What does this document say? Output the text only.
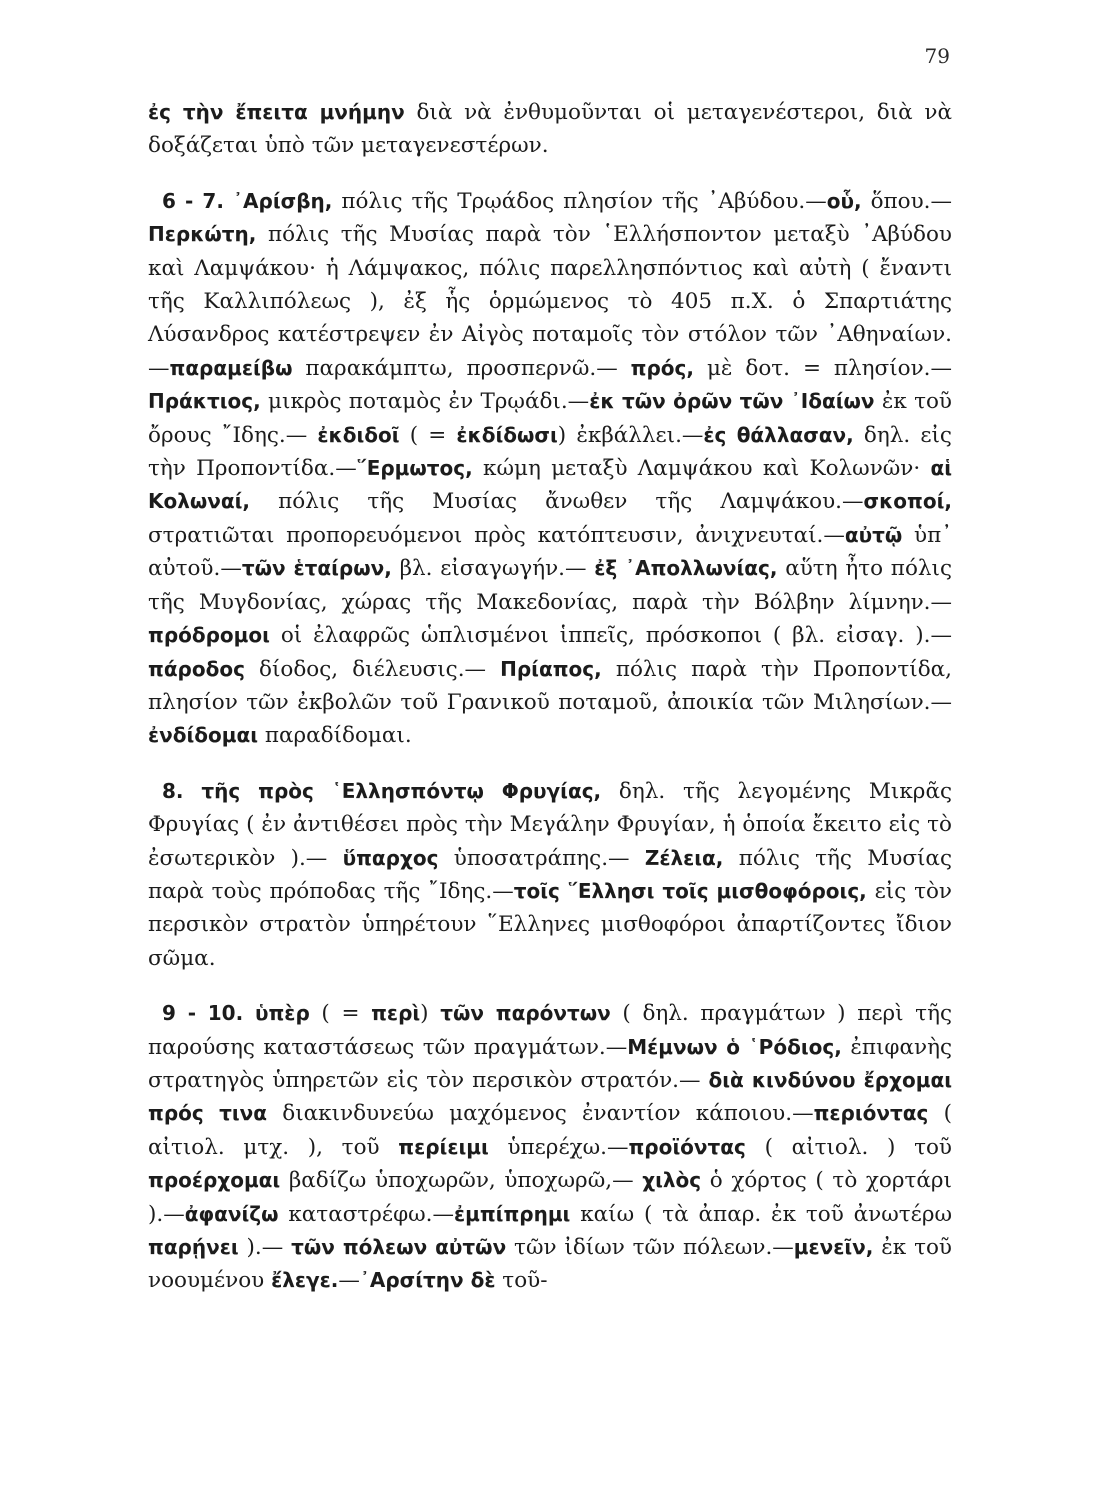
79

ἐς τὴν ἔπειτα μνήμην διὰ νὰ ἐνθυμοῦνται οἱ μεταγενέστεροι, διὰ νὰ δοξάζεται ὑπὸ τῶν μεταγενεστέρων.

6 - 7. ᾿Αρίσβη, πόλις τῆς Τρῳάδος πλησίον τῆς ᾿Αβύδου.—οὗ, ὅπου.—Περκώτη, πόλις τῆς Μυσίας παρὰ τὸν ῾Ελλήσποντον μεταξὺ ᾿Αβύδου καὶ Λαμψάκου· ἡ Λάμψακος, πόλις παρελλησπόντιος καὶ αὐτὴ ( ἔναντι τῆς Καλλιπόλεως ), ἐξ ἧς ὁρμώμενος τὸ 405 π.Χ. ὁ Σπαρτιάτης Λύσανδρος κατέστρεψεν ἐν Αἰγὸς ποταμοῖς τὸν στόλον τῶν ᾿Αθηναίων.—παραμείβω παρακάμπτω, προσπερνῶ.— πρός, μὲ δοτ. = πλησίον.—Πράκτιος, μικρὸς ποταμὸς ἐν Τρῳάδι.—ἐκ τῶν ὀρῶν τῶν ᾿Ιδαίων ἐκ τοῦ ὄρους ῎Ιδης.— ἐκδιδοῖ ( = ἐκδίδωσι) ἐκβάλλει.—ἐς θάλλασαν, δηλ. εἰς τὴν Προποντίδα.—῞Ερμωτος, κώμη μεταξὺ Λαμψάκου καὶ Κολωνῶν· αἱ Κολωναί, πόλις τῆς Μυσίας ἄνωθεν τῆς Λαμψάκου.—σκοποί, στρατιῶται προπορευόμενοι πρὸς κατόπτευσιν, ἀνιχνευταί.—αὐτῷ ὑπ᾿ αὐτοῦ.—τῶν ἑταίρων, βλ. εἰσαγωγήν.— ἐξ ᾿Απολλωνίας, αὕτη ἦτο πόλις τῆς Μυγδονίας, χώρας τῆς Μακεδονίας, παρὰ τὴν Βόλβην λίμνην.—πρόδρομοι οἱ ἐλαφρῶς ὡπλισμένοι ἱππεῖς, πρόσκοποι ( βλ. εἰσαγ. ).— πάροδος δίοδος, διέλευσις.— Πρίαπος, πόλις παρὰ τὴν Προποντίδα, πλησίον τῶν ἐκβολῶν τοῦ Γρανικοῦ ποταμοῦ, ἀποικία τῶν Μιλησίων.—ἐνδίδομαι παραδίδομαι.

8. τῆς πρὸς ῾Ελλησπόντῳ Φρυγίας, δηλ. τῆς λεγομένης Μικρᾶς Φρυγίας ( ἐν ἀντιθέσει πρὸς τὴν Μεγάλην Φρυγίαν, ἡ ὁποία ἔκειτο εἰς τὸ ἐσωτερικὸν ).— ὕπαρχος ὑποσατράπης.— Ζέλεια, πόλις τῆς Μυσίας παρὰ τοὺς πρόποδας τῆς ῎Ιδης.—τοῖς ῞Ελλησι τοῖς μισθοφόροις, εἰς τὸν περσικὸν στρατὸν ὑπηρέτουν ῞Ελληνες μισθοφόροι ἀπαρτίζοντες ἴδιον σῶμα.

9 - 10. ὑπὲρ ( = περὶ) τῶν παρόντων ( δηλ. πραγμάτων ) περὶ τῆς παρούσης καταστάσεως τῶν πραγμάτων.—Μέμνων ὁ ῾Ρόδιος, ἐπιφανὴς στρατηγὸς ὑπηρετῶν εἰς τὸν περσικὸν στρατόν.— διὰ κινδύνου ἔρχομαι πρός τινα διακινδυνεύω μαχόμενος ἐναντίον κάποιου.—περιόντας ( αἰτιολ. μτχ. ), τοῦ περίειμι ὑπερέχω.—προϊόντας ( αἰτιολ. ) τοῦ προέρχομαι βαδίζω ὑποχωρῶν, ὑποχωρῶ,— χιλὸς ὁ χόρτος ( τὸ χορτάρι ).—ἀφανίζω καταστρέφω.—ἐμπίπρημι καίω ( τὰ ἀπαρ. ἐκ τοῦ ἀνωτέρω παρῄνει ).— τῶν πόλεων αὐτῶν τῶν ἰδίων τῶν πόλεων.—μενεῖν, ἐκ τοῦ νοουμένου ἔλεγε.—᾿Αρσίτην δὲ τοῦ-
